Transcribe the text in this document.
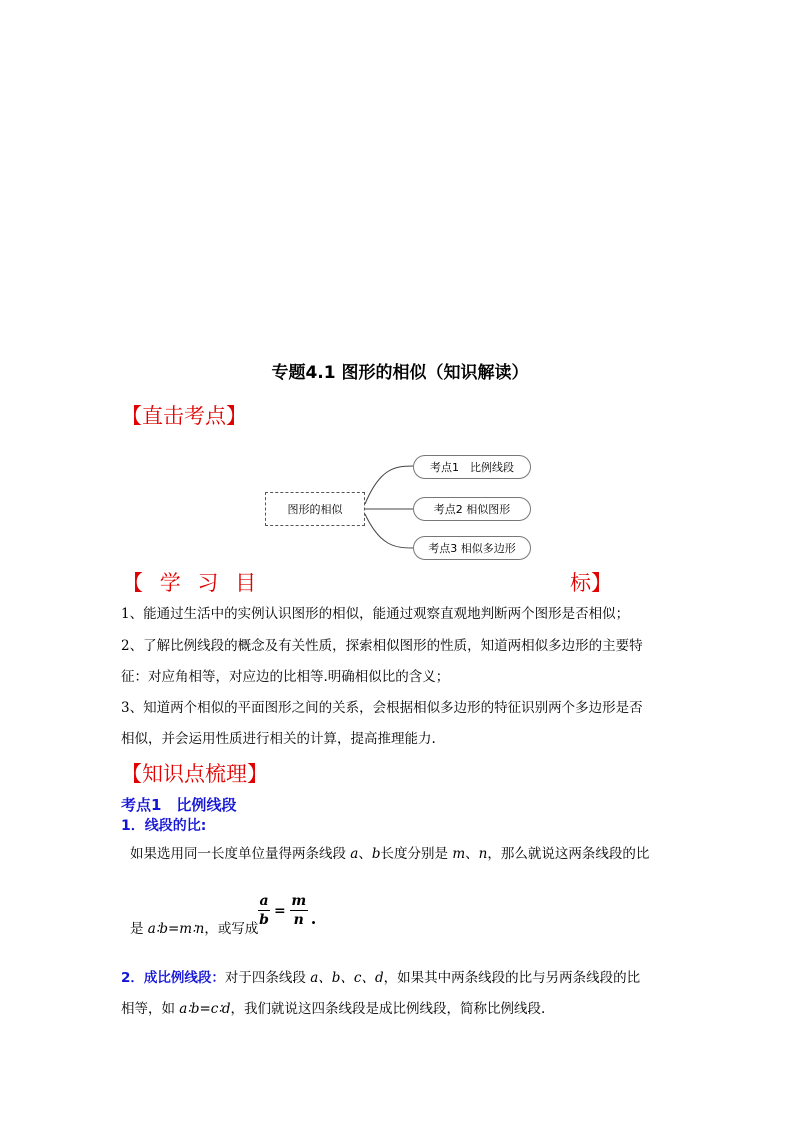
专题4.1 图形的相似（知识解读）
【直击考点】
图形的相似
考点1　比例线段
考点2 相似图形
考点3 相似多边形
【 学 习 目	标】
1、能通过生活中的实例认识图形的相似，能通过观察直观地判断两个图形是否相似；
2、了解比例线段的概念及有关性质，探索相似图形的性质，知道两相似多边形的主要特
征：对应角相等，对应边的比相等.明确相似比的含义；
3、知道两个相似的平面图形之间的关系，会根据相似多边形的特征识别两个多边形是否
相似，并会运用性质进行相关的计算，提高推理能力.
【知识点梳理】
考点1　比例线段
1．线段的比:
如果选用同一长度单位量得两条线段 a、b长度分别是 m、n，那么就说这两条线段的比
是 a∶b=m∶n，或写成
a
b
=
m
n .
2．成比例线段：对于四条线段 a、b、c、d，如果其中两条线段的比与另两条线段的比
相等，如 a∶b=c∶d，我们就说这四条线段是成比例线段，简称比例线段.
